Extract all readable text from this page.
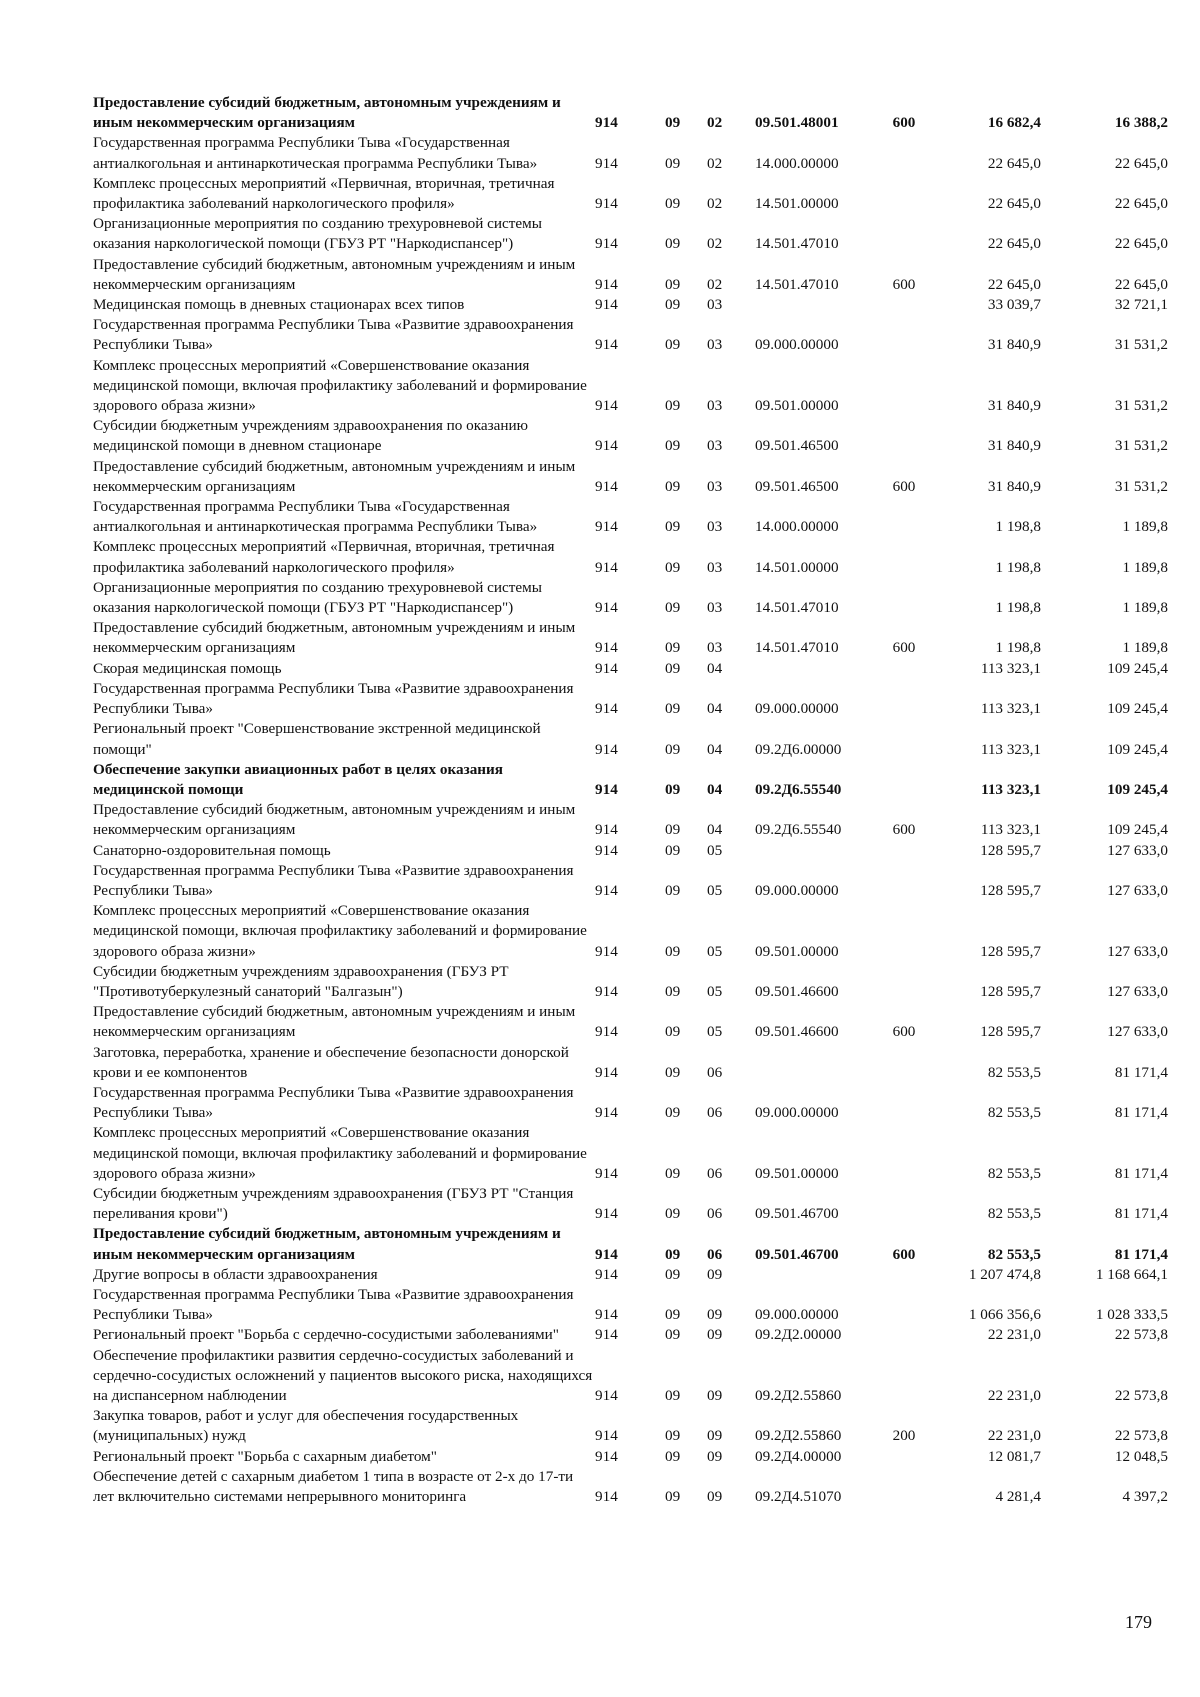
Предоставление субсидий бюджетным, автономным учреждениям и иным некоммерческим организациям	914	09	02	09.501.48001	600	16 682,4	16 388,2
Государственная программа Республики Тыва «Государственная антиалкогольная и антинаркотическая программа Республики Тыва»	914	09	02	14.000.00000		22 645,0	22 645,0
Комплекс процессных мероприятий «Первичная, вторичная, третичная профилактика заболеваний наркологического профиля»	914	09	02	14.501.00000		22 645,0	22 645,0
Организационные мероприятия по созданию трехуровневой системы оказания наркологической помощи (ГБУЗ РТ "Наркодиспансер")	914	09	02	14.501.47010		22 645,0	22 645,0
Предоставление субсидий бюджетным, автономным учреждениям и иным некоммерческим организациям	914	09	02	14.501.47010	600	22 645,0	22 645,0
Медицинская помощь в дневных стационарах всех типов	914	09	03			33 039,7	32 721,1
Государственная программа Республики Тыва «Развитие здравоохранения Республики Тыва»	914	09	03	09.000.00000		31 840,9	31 531,2
Комплекс процессных мероприятий «Совершенствование оказания медицинской помощи, включая профилактику заболеваний и формирование здорового образа жизни»	914	09	03	09.501.00000		31 840,9	31 531,2
Субсидии бюджетным учреждениям здравоохранения по оказанию медицинской помощи в дневном стационаре	914	09	03	09.501.46500		31 840,9	31 531,2
Предоставление субсидий бюджетным, автономным учреждениям и иным некоммерческим организациям	914	09	03	09.501.46500	600	31 840,9	31 531,2
Государственная программа Республики Тыва «Государственная антиалкогольная и антинаркотическая программа Республики Тыва»	914	09	03	14.000.00000		1 198,8	1 189,8
Комплекс процессных мероприятий «Первичная, вторичная, третичная профилактика заболеваний наркологического профиля»	914	09	03	14.501.00000		1 198,8	1 189,8
Организационные мероприятия по созданию трехуровневой системы оказания наркологической помощи (ГБУЗ РТ "Наркодиспансер")	914	09	03	14.501.47010		1 198,8	1 189,8
Предоставление субсидий бюджетным, автономным учреждениям и иным некоммерческим организациям	914	09	03	14.501.47010	600	1 198,8	1 189,8
Скорая медицинская помощь	914	09	04			113 323,1	109 245,4
Государственная программа Республики Тыва «Развитие здравоохранения Республики Тыва»	914	09	04	09.000.00000		113 323,1	109 245,4
Региональный проект "Совершенствование экстренной медицинской помощи"	914	09	04	09.2Д6.00000		113 323,1	109 245,4
Обеспечение закупки авиационных работ в целях оказания медицинской помощи	914	09	04	09.2Д6.55540		113 323,1	109 245,4
Предоставление субсидий бюджетным, автономным учреждениям и иным некоммерческим организациям	914	09	04	09.2Д6.55540	600	113 323,1	109 245,4
Санаторно-оздоровительная помощь	914	09	05			128 595,7	127 633,0
Государственная программа Республики Тыва «Развитие здравоохранения Республики Тыва»	914	09	05	09.000.00000		128 595,7	127 633,0
Комплекс процессных мероприятий «Совершенствование оказания медицинской помощи, включая профилактику заболеваний и формирование здорового образа жизни»	914	09	05	09.501.00000		128 595,7	127 633,0
Субсидии бюджетным учреждениям здравоохранения (ГБУЗ РТ "Противотуберкулезный санаторий "Балгазын")	914	09	05	09.501.46600		128 595,7	127 633,0
Предоставление субсидий бюджетным, автономным учреждениям и иным некоммерческим организациям	914	09	05	09.501.46600	600	128 595,7	127 633,0
Заготовка, переработка, хранение и обеспечение безопасности донорской крови и ее компонентов	914	09	06			82 553,5	81 171,4
Государственная программа Республики Тыва «Развитие здравоохранения Республики Тыва»	914	09	06	09.000.00000		82 553,5	81 171,4
Комплекс процессных мероприятий «Совершенствование оказания медицинской помощи, включая профилактику заболеваний и формирование здорового образа жизни»	914	09	06	09.501.00000		82 553,5	81 171,4
Субсидии бюджетным учреждениям здравоохранения (ГБУЗ РТ "Станция переливания крови")	914	09	06	09.501.46700		82 553,5	81 171,4
Предоставление субсидий бюджетным, автономным учреждениям и иным некоммерческим организациям	914	09	06	09.501.46700	600	82 553,5	81 171,4
Другие вопросы в области здравоохранения	914	09	09			1 207 474,8	1 168 664,1
Государственная программа Республики Тыва «Развитие здравоохранения Республики Тыва»	914	09	09	09.000.00000		1 066 356,6	1 028 333,5
Региональный проект "Борьба с сердечно-сосудистыми заболеваниями"	914	09	09	09.2Д2.00000		22 231,0	22 573,8
Обеспечение профилактики развития сердечно-сосудистых заболеваний и сердечно-сосудистых осложнений у пациентов высокого риска, находящихся на диспансерном наблюдении	914	09	09	09.2Д2.55860		22 231,0	22 573,8
Закупка товаров, работ и услуг для обеспечения государственных (муниципальных) нужд	914	09	09	09.2Д2.55860	200	22 231,0	22 573,8
Региональный проект "Борьба с сахарным диабетом"	914	09	09	09.2Д4.00000		12 081,7	12 048,5
Обеспечение детей с сахарным диабетом 1 типа в возрасте от 2-х до 17-ти лет включительно системами непрерывного мониторинга	914	09	09	09.2Д4.51070		4 281,4	4 397,2
179
